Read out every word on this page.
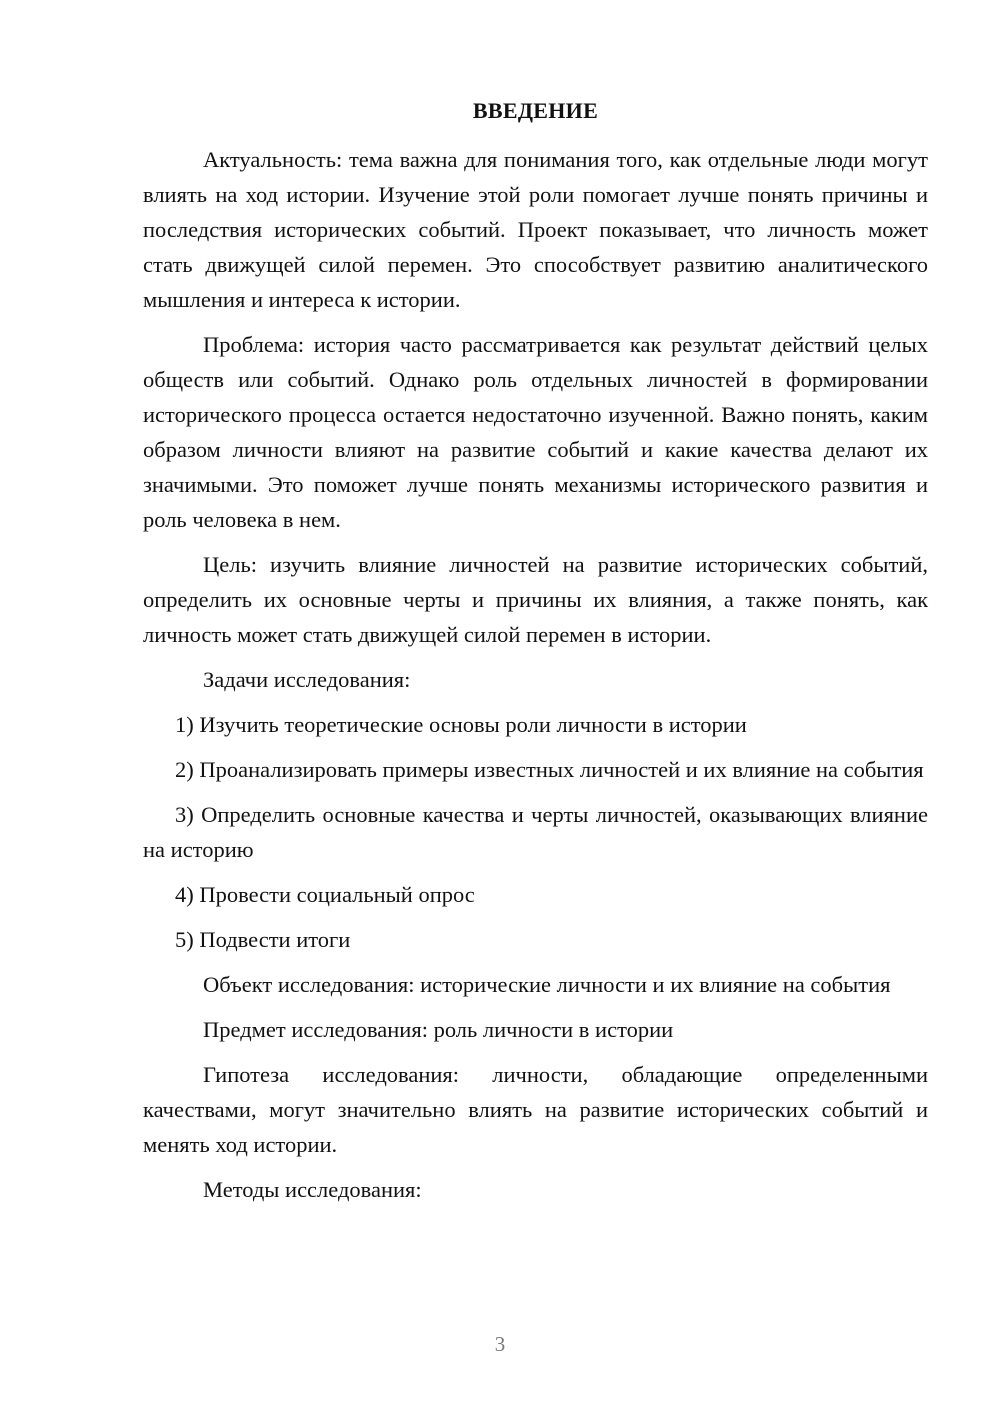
ВВЕДЕНИЕ

Актуальность: тема важна для понимания того, как отдельные люди могут влиять на ход истории. Изучение этой роли помогает лучше понять причины и последствия исторических событий. Проект показывает, что личность может стать движущей силой перемен. Это способствует развитию аналитического мышления и интереса к истории.

Проблема: история часто рассматривается как результат действий целых обществ или событий. Однако роль отдельных личностей в формировании исторического процесса остается недостаточно изученной. Важно понять, каким образом личности влияют на развитие событий и какие качества делают их значимыми. Это поможет лучше понять механизмы исторического развития и роль человека в нем.

Цель: изучить влияние личностей на развитие исторических событий, определить их основные черты и причины их влияния, а также понять, как личность может стать движущей силой перемен в истории.

Задачи исследования:

1) Изучить теоретические основы роли личности в истории

2) Проанализировать примеры известных личностей и их влияние на события

3) Определить основные качества и черты личностей, оказывающих влияние на историю

4) Провести социальный опрос

5) Подвести итоги

Объект исследования: исторические личности и их влияние на события

Предмет исследования: роль личности в истории

Гипотеза исследования: личности, обладающие определенными качествами, могут значительно влиять на развитие исторических событий и менять ход истории.

Методы исследования:

3
